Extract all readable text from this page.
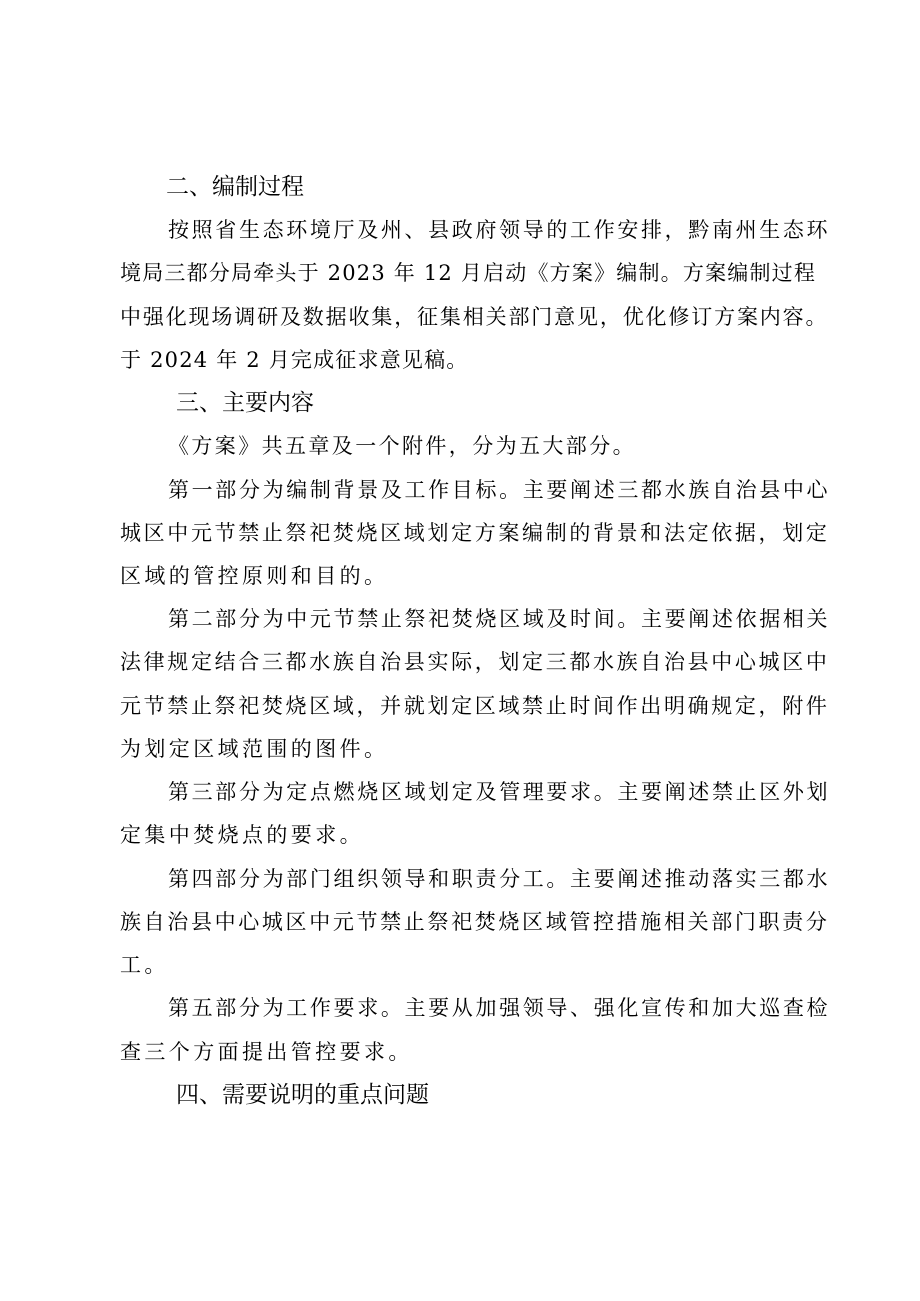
二、编制过程
按照省生态环境厅及州、县政府领导的工作安排，黔南州生态环
境局三都分局牵头于 2023 年 12 月启动《方案》编制。方案编制过程
中强化现场调研及数据收集，征集相关部门意见，优化修订方案内容。
于 2024 年 2 月完成征求意见稿。
三、主要内容
《方案》共五章及一个附件，分为五大部分。
第一部分为编制背景及工作目标。主要阐述三都水族自治县中心
城区中元节禁止祭祀焚烧区域划定方案编制的背景和法定依据，划定
区域的管控原则和目的。
第二部分为中元节禁止祭祀焚烧区域及时间。主要阐述依据相关
法律规定结合三都水族自治县实际，划定三都水族自治县中心城区中
元节禁止祭祀焚烧区域，并就划定区域禁止时间作出明确规定，附件
为划定区域范围的图件。
第三部分为定点燃烧区域划定及管理要求。主要阐述禁止区外划
定集中焚烧点的要求。
第四部分为部门组织领导和职责分工。主要阐述推动落实三都水
族自治县中心城区中元节禁止祭祀焚烧区域管控措施相关部门职责分
工。
第五部分为工作要求。主要从加强领导、强化宣传和加大巡查检
查三个方面提出管控要求。
四、需要说明的重点问题
